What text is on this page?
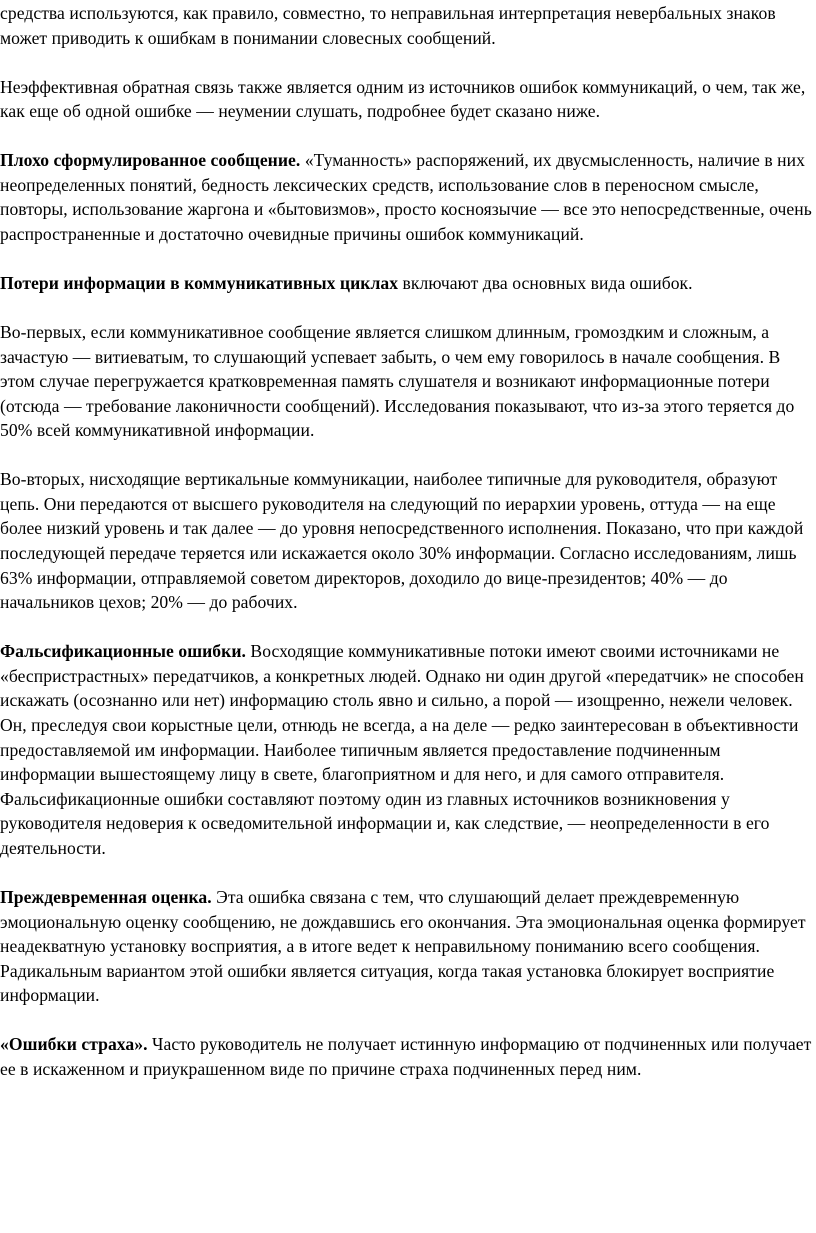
средства используются, как правило, совместно, то неправильная интерпретация невербальных знаков может приводить к ошибкам в понимании словесных сообщений.

Неэффективная обратная связь также является одним из источников ошибок коммуникаций, о чем, так же, как еще об одной ошибке — неумении слушать, подробнее будет сказано ниже.

Плохо сформулированное сообщение. «Туманность» распоряжений, их двусмысленность, наличие в них неопределенных понятий, бедность лексических средств, использование слов в переносном смысле, повторы, использование жаргона и «бытовизмов», просто косноязычие — все это непосредственные, очень распространенные и достаточно очевидные причины ошибок коммуникаций.

Потери информации в коммуникативных циклах включают два основных вида ошибок.

Во-первых, если коммуникативное сообщение является слишком длинным, громоздким и сложным, а зачастую — витиеватым, то слушающий успевает забыть, о чем ему говорилось в начале сообщения. В этом случае перегружается кратковременная память слушателя и возникают информационные потери (отсюда — требование лаконичности сообщений). Исследования показывают, что из-за этого теряется до 50% всей коммуникативной информации.

Во-вторых, нисходящие вертикальные коммуникации, наиболее типичные для руководителя, образуют цепь. Они передаются от высшего руководителя на следующий по иерархии уровень, оттуда — на еще более низкий уровень и так далее — до уровня непосредственного исполнения. Показано, что при каждой последующей передаче теряется или искажается около 30% информации. Согласно исследованиям, лишь 63% информации, отправляемой советом директоров, доходило до вице-президентов; 40% — до начальников цехов; 20% — до рабочих.

Фальсификационные ошибки. Восходящие коммуникативные потоки имеют своими источниками не «беспристрастных» передатчиков, а конкретных людей. Однако ни один другой «передатчик» не способен искажать (осознанно или нет) информацию столь явно и сильно, а порой — изощренно, нежели человек. Он, преследуя свои корыстные цели, отнюдь не всегда, а на деле — редко заинтересован в объективности предоставляемой им информации. Наиболее типичным является предоставление подчиненным информации вышестоящему лицу в свете, благоприятном и для него, и для самого отправителя. Фальсификационные ошибки составляют поэтому один из главных источников возникновения у руководителя недоверия к осведомительной информации и, как следствие, — неопределенности в его деятельности.

Преждевременная оценка. Эта ошибка связана с тем, что слушающий делает преждевременную эмоциональную оценку сообщению, не дождавшись его окончания. Эта эмоциональная оценка формирует неадекватную установку восприятия, а в итоге ведет к неправильному пониманию всего сообщения. Радикальным вариантом этой ошибки является ситуация, когда такая установка блокирует восприятие информации.

«Ошибки страха». Часто руководитель не получает истинную информацию от подчиненных или получает ее в искаженном и приукрашенном виде по причине страха подчиненных перед ним.
